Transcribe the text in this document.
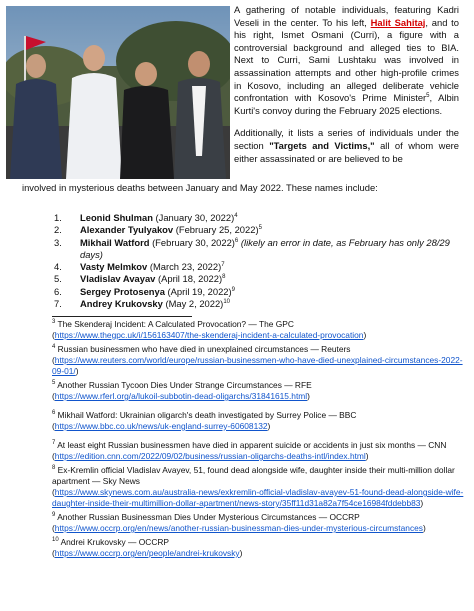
A gathering of notable individuals, featuring Kadri Veseli in the center. To his left, Halit Sahitaj, and to his right, Ismet Osmani (Curri), a figure with a controversial background and alleged ties to BIA. Next to Curri, Sami Lushtaku was involved in assassination attempts and other high-profile crimes in Kosovo, including an alleged deliberate vehicle confrontation with Kosovo's Prime Minister$^5$, Albin Kurti's convoy during the February 2025 elections.

Additionally, it lists a series of individuals under the section "Targets and Victims," all of whom were either assassinated or are believed to be

involved in mysterious deaths between January and May 2022. These names include:
1. Leonid Shulman (January 30, 2022)$^4$
2. Alexander Tyulyakov (February 25, 2022)$^5$
3. Mikhail Watford (February 30, 2022)$^6$ (likely an error in date, as February has only 28/29 days)
4. Vasty Melmkov (March 23, 2022)$^7$
5. Vladislav Avayav (April 18, 2022)$^8$
6. Sergey Protosenya (April 19, 2022)$^9$
7. Andrey Krukovsky (May 2, 2022)$^{10}$

$^3$ The Skenderaj Incident: A Calculated Provocation? — The GPC
(https://www.thegpc.uk/i/156163407/the-skenderaj-incident-a-calculated-provocation)

$^4$ Russian businessmen who have died in unexplained circumstances — Reuters
(https://www.reuters.com/world/europe/russian-businessmen-who-have-died-unexplained-circumstances-2022-09-01/)

$^5$ Another Russian Tycoon Dies Under Strange Circumstances — RFE
(https://www.rferl.org/a/lukoil-subbotin-dead-oligarchs/31841615.html)

$^6$ Mikhail Watford: Ukrainian oligarch's death investigated by Surrey Police — BBC
(https://www.bbc.co.uk/news/uk-england-surrey-60608132)

$^7$ At least eight Russian businessmen have died in apparent suicide or accidents in just six months — CNN
(https://edition.cnn.com/2022/09/02/business/russian-oligarchs-deaths-intl/index.html)

$^8$ Ex-Kremlin official Vladislav Avayev, 51, found dead alongside wife, daughter inside their multi-million dollar apartment — Sky News
(https://www.skynews.com.au/australia-news/exkremlin-official-vladislav-avayev-51-found-dead-alongside-wife-daughter-inside-their-multimillion-dollar-apartment/news-story/35ff11d31a82a7f54ce16984fddebb83)

$^9$ Another Russian Businessman Dies Under Mysterious Circumstances — OCCRP
(https://www.occrp.org/en/news/another-russian-businessman-dies-under-mysterious-circumstances)

$^{10}$ Andrei Krukovsky — OCCRP
(https://www.occrp.org/en/people/andrei-krukovsky)
